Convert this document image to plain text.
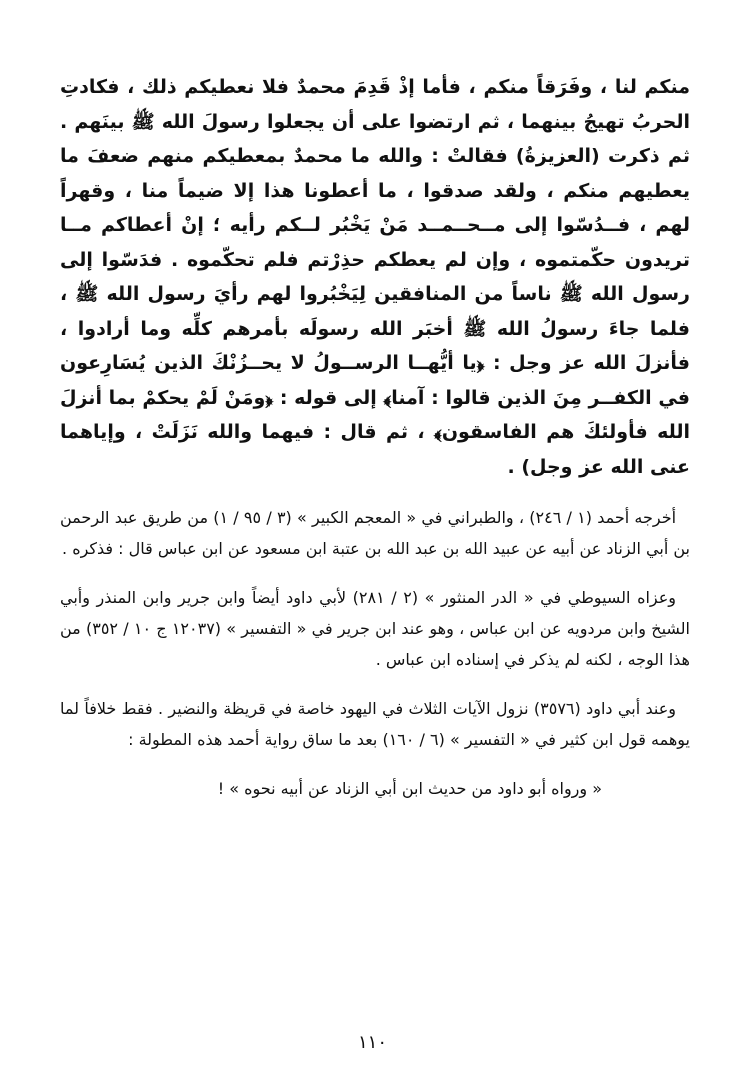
منكم لنا ، وفَرَقاً منكم ، فأما إذْ قَدِمَ محمدٌ فلا نعطيكم ذلك ، فكادتِ الحربُ تهيجُ بينهما ، ثم ارتضوا على أن يجعلوا رسولَ الله ﷺ بينَهم . ثم ذكرت (العزيزةُ) فقالتْ : والله ما محمدٌ بمعطيكم منهم ضعفَ ما يعطيهم منكم ، ولقد صدقوا ، ما أعطونا هذا إلا ضيماً منا ، وقهراً لهم ، فــدُسّوا إلى مــحــمــد مَنْ يَخْبُر لــكم رأيه ؛ إنْ أعطاكم مــا تريدون حكّمتموه ، وإن لم يعطكم حذِرْتم فلم تحكّموه . فدَسّوا إلى رسول الله ﷺ ناساً من المنافقين لِيَخْبُروا لهم رأيَ رسول الله ﷺ ، فلما جاءَ رسولُ الله ﷺ أخبَر الله رسولَه بأمرهم كلِّه وما أرادوا ، فأنزلَ الله عز وجل : ﴿يا أيُّهــا الرســولُ لا يحــزُنْكَ الذين يُسَارِعون في الكفــر مِنَ الذين قالوا : آمنا﴾ إلى قوله : ﴿ومَنْ لَمْ يحكمْ بما أنزلَ الله فأولئكَ هم الفاسقون﴾ ، ثم قال : فيهما والله نَزَلَتْ ، وإياهما عنى الله عز وجل) .

أخرجه أحمد (١ / ٢٤٦) ، والطبراني في « المعجم الكبير » (٣ / ٩٥ / ١) من طريق عبد الرحمن بن أبي الزناد عن أبيه عن عبيد الله بن عبد الله بن عتبة ابن مسعود عن ابن عباس قال : فذكره .

وعزاه السيوطي في « الدر المنثور » (٢ / ٢٨١) لأبي داود أيضاً وابن جرير وابن المنذر وأبي الشيخ وابن مردويه عن ابن عباس ، وهو عند ابن جرير في « التفسير » (١٢٠٣٧ ج ١٠ / ٣٥٢) من هذا الوجه ، لكنه لم يذكر في إسناده ابن عباس .

وعند أبي داود (٣٥٧٦) نزول الآيات الثلاث في اليهود خاصة في قريظة والنضير . فقط خلافاً لما يوهمه قول ابن كثير في « التفسير » (٦ / ١٦٠) بعد ما ساق رواية أحمد هذه المطولة :

« ورواه أبو داود من حديث ابن أبي الزناد عن أبيه نحوه » !

١١٠
